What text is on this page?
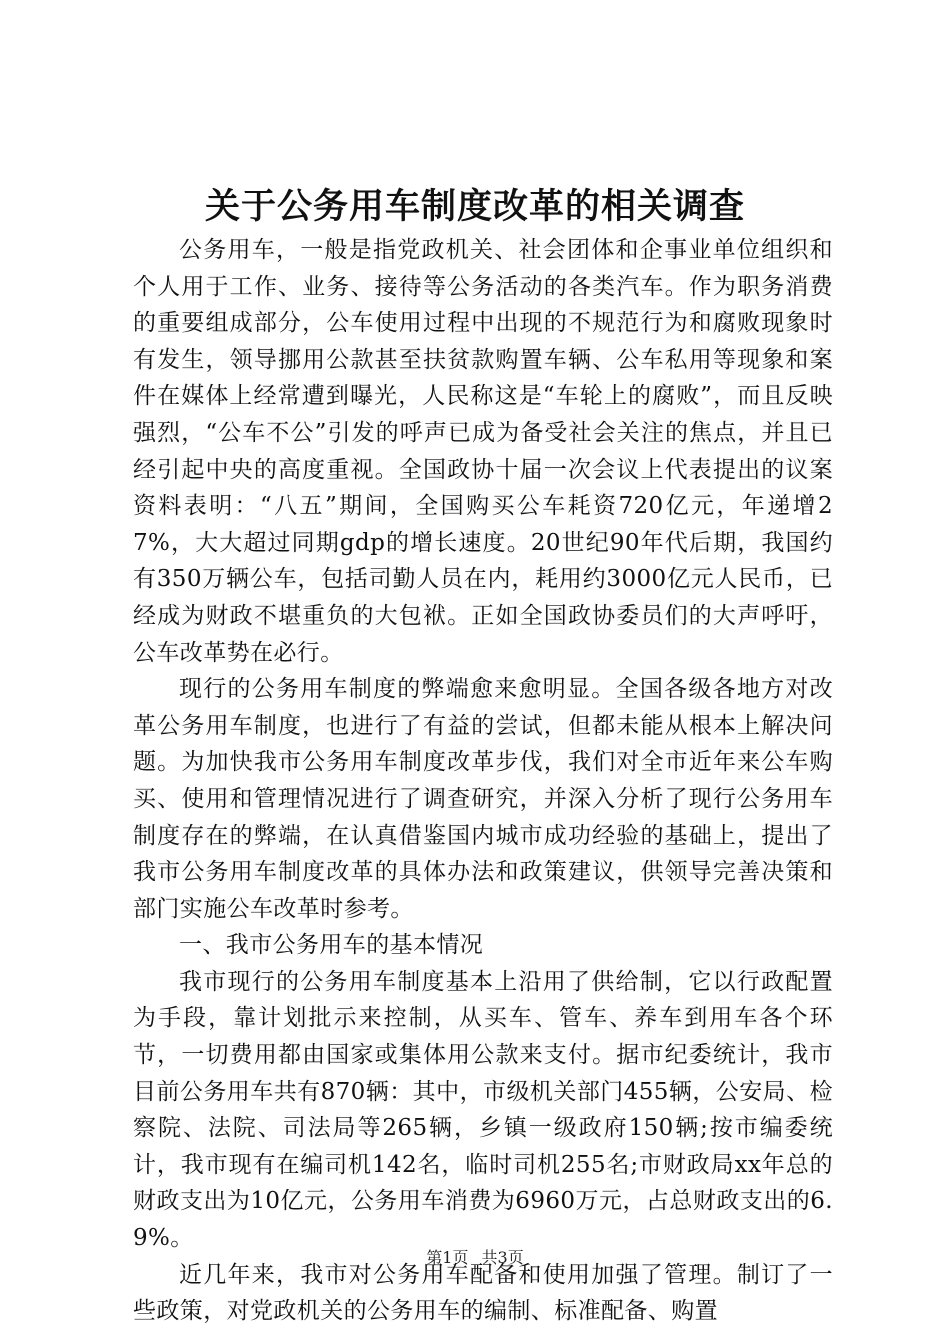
关于公务用车制度改革的相关调查

公务用车，一般是指党政机关、社会团体和企事业单位组织和个人用于工作、业务、接待等公务活动的各类汽车。作为职务消费的重要组成部分，公车使用过程中出现的不规范行为和腐败现象时有发生，领导挪用公款甚至扶贫款购置车辆、公车私用等现象和案件在媒体上经常遭到曝光，人民称这是“车轮上的腐败”，而且反映强烈，“公车不公”引发的呼声已成为备受社会关注的焦点，并且已经引起中央的高度重视。全国政协十届一次会议上代表提出的议案资料表明：“八五”期间，全国购买公车耗资720亿元，年递增27%，大大超过同期gdp的增长速度。20世纪90年代后期，我国约有350万辆公车，包括司勤人员在内，耗用约3000亿元人民币，已经成为财政不堪重负的大包袱。正如全国政协委员们的大声呼吁，公车改革势在必行。

现行的公务用车制度的弊端愈来愈明显。全国各级各地方对改革公务用车制度，也进行了有益的尝试，但都未能从根本上解决问题。为加快我市公务用车制度改革步伐，我们对全市近年来公车购买、使用和管理情况进行了调查研究，并深入分析了现行公务用车制度存在的弊端，在认真借鉴国内城市成功经验的基础上，提出了我市公务用车制度改革的具体办法和政策建议，供领导完善决策和部门实施公车改革时参考。

一、我市公务用车的基本情况

我市现行的公务用车制度基本上沿用了供给制，它以行政配置为手段，靠计划批示来控制，从买车、管车、养车到用车各个环节，一切费用都由国家或集体用公款来支付。据市纪委统计，我市目前公务用车共有870辆：其中，市级机关部门455辆，公安局、检察院、法院、司法局等265辆，乡镇一级政府150辆;按市编委统计，我市现有在编司机142名，临时司机255名;市财政局xx年总的财政支出为10亿元，公务用车消费为6960万元，占总财政支出的6.9%。

近几年来，我市对公务用车配备和使用加强了管理。制订了一些政策，对党政机关的公务用车的编制、标准配备、购置

第1页 共3页
